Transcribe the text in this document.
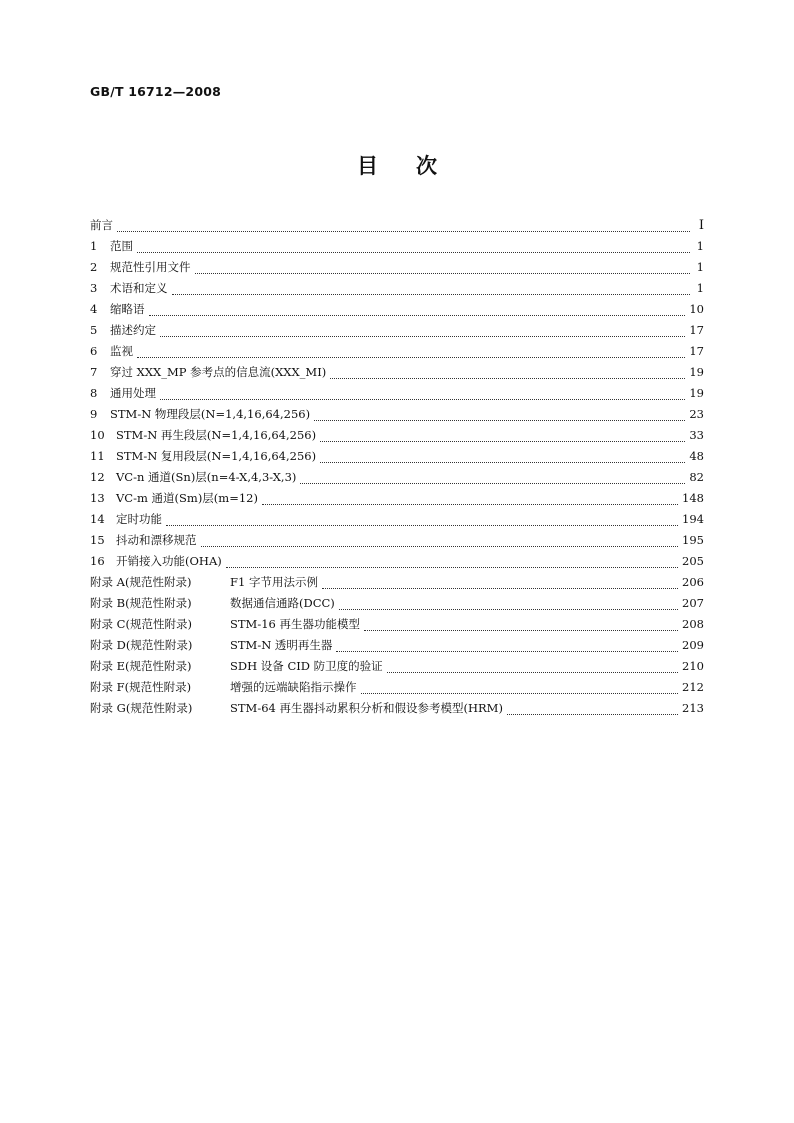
GB/T 16712—2008
目次
前言	Ⅰ
1	范围	1
2	规范性引用文件	1
3	术语和定义	1
4	缩略语	10
5	描述约定	17
6	监视	17
7	穿过 XXX_MP 参考点的信息流(XXX_MI)	19
8	通用处理	19
9	STM-N 物理段层(N=1,4,16,64,256)	23
10 STM-N 再生段层(N=1,4,16,64,256)	33
11 STM-N 复用段层(N=1,4,16,64,256)	48
12 VC-n 通道(Sn)层(n=4-X,4,3-X,3)	82
13 VC-m 通道(Sm)层(m=12)	148
14 定时功能	194
15 抖动和漂移规范	195
16 开销接入功能(OHA)	205
附录 A(规范性附录)	F1 字节用法示例	206
附录 B(规范性附录)	数据通信通路(DCC)	207
附录 C(规范性附录)	STM-16 再生器功能模型	208
附录 D(规范性附录)	STM-N 透明再生器	209
附录 E(规范性附录)	SDH 设备 CID 防卫度的验证	210
附录 F(规范性附录)	增强的远端缺陷指示操作	212
附录 G(规范性附录)	STM-64 再生器抖动累积分析和假设参考模型(HRM)	213
